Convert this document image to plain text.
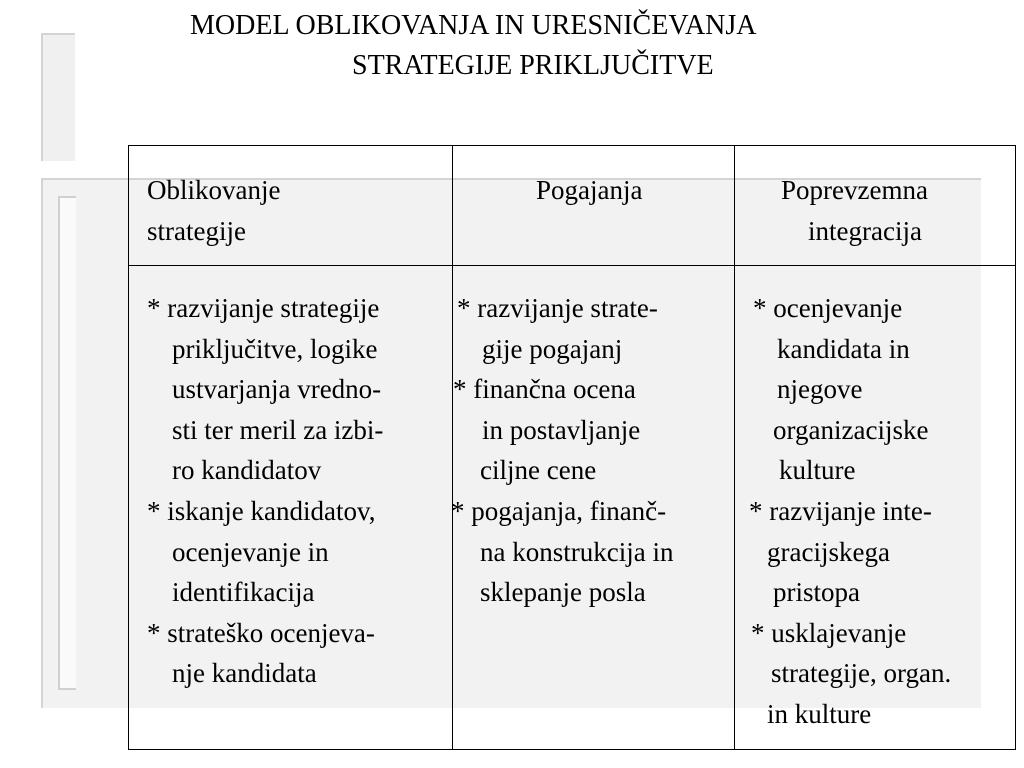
MODEL OBLIKOVANJA IN URESNIČEVANJA
STRATEGIJE PRIKLJUČITVE
Oblikovanje
strategije
Pogajanja	Poprevzemna
integracija
* razvijanje strategije
priključitve, logike
ustvarjanja vredno-
sti ter meril za izbi-
ro kandidatov
* iskanje kandidatov,
ocenjevanje in
identifikacija
* strateško ocenjeva-
nje kandidata
* razvijanje strate-
gije pogajanj
* finančna ocena
in postavljanje
ciljne cene
* pogajanja, finanč-
na konstrukcija in
sklepanje posla
* ocenjevanje
kandidata in
njegove
organizacijske
kulture
* razvijanje inte-
gracijskega
pristopa
* usklajevanje
strategije, organ.
in kulture
